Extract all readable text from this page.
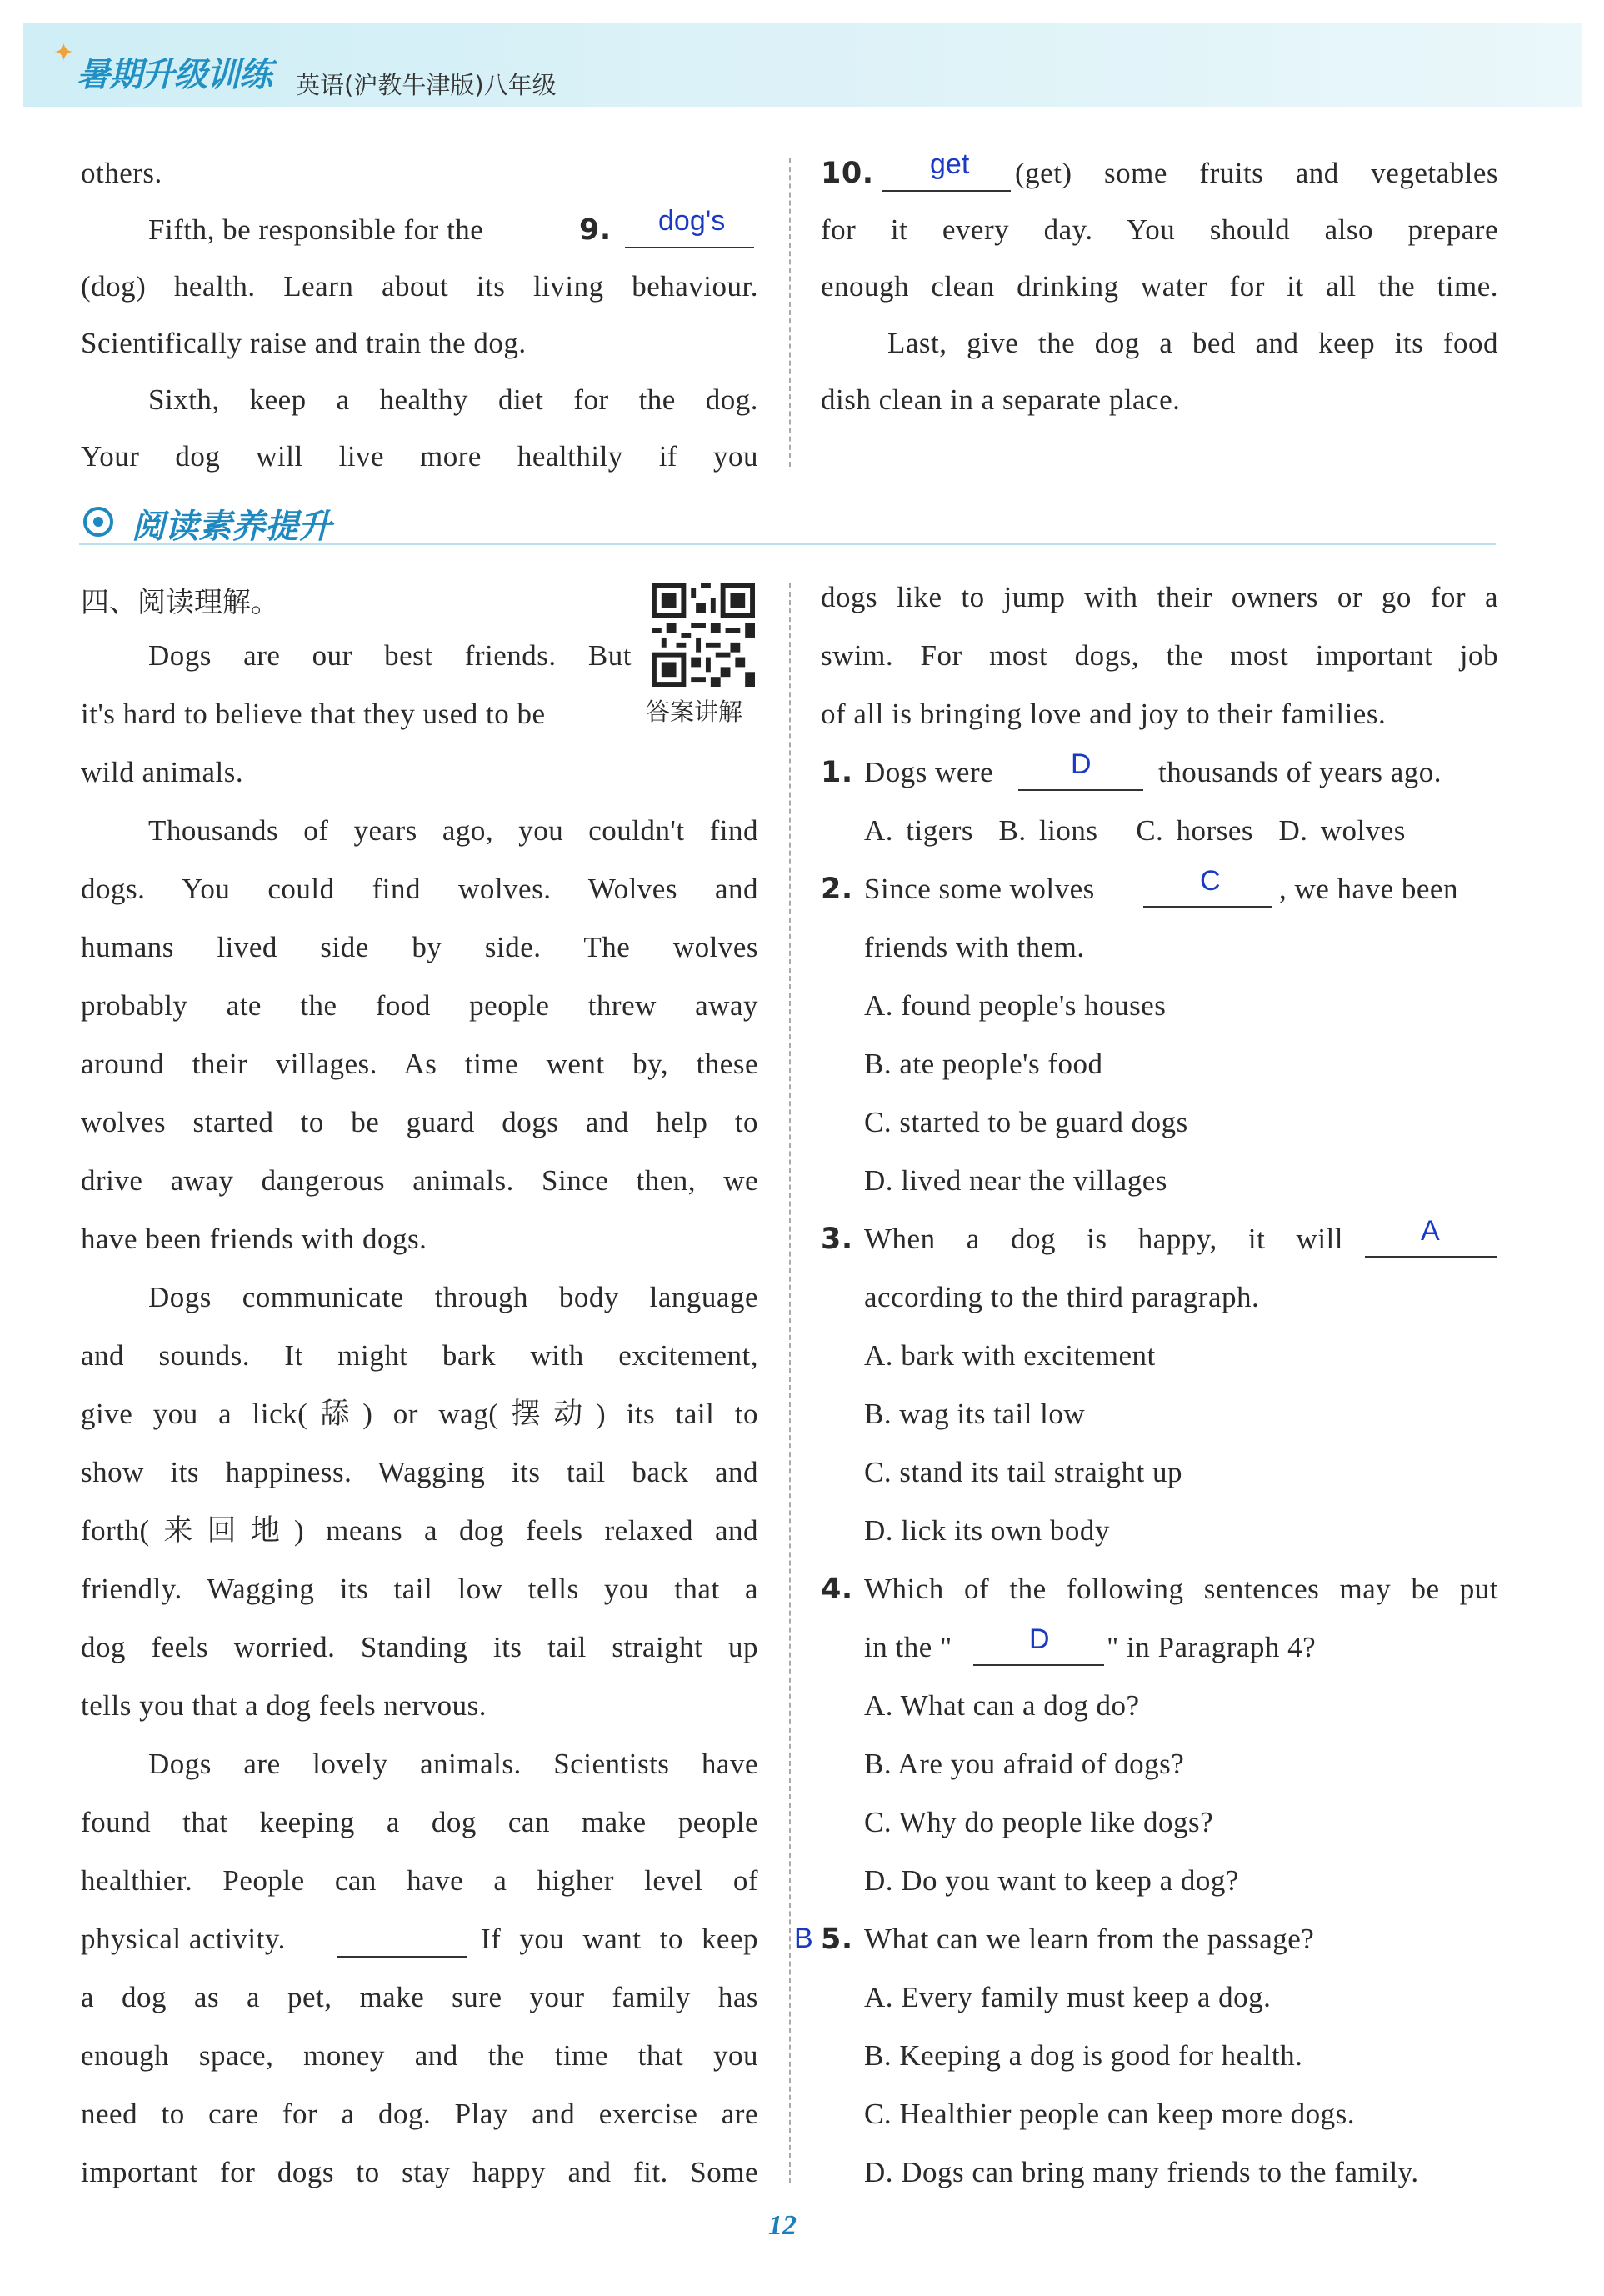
✦
暑期升级训练 英语(沪教牛津版)八年级
others.
Fifth, be responsible for the	9. dog's
(dog) health. Learn about its living behaviour.
Scientifically raise and train the dog.
Sixth, keep a healthy diet for the dog.
Your dog will live more healthily if you
10. get (get) some fruits and vegetables
for it every day. You should also prepare
enough clean drinking water for it all the time.
Last, give the dog a bed and keep its food
dish clean in a separate place.
阅读素养提升
四、阅读理解。
答案讲解
Dogs are our best friends. But
it's hard to believe that they used to be
wild animals.
Thousands of years ago, you couldn't find
dogs. You could find wolves. Wolves and
humans lived side by side. The wolves
probably ate the food people threw away
around their villages. As time went by, these
wolves started to be guard dogs and help to
drive away dangerous animals. Since then, we
have been friends with dogs.
Dogs communicate through body language
and sounds. It might bark with excitement,
give you a lick(舔) or wag(摆动) its tail to
show its happiness. Wagging its tail back and
forth(来回地) means a dog feels relaxed and
friendly. Wagging its tail low tells you that a
dog feels worried. Standing its tail straight up
tells you that a dog feels nervous.
Dogs are lovely animals. Scientists have
found that keeping a dog can make people
healthier. People can have a higher level of
physical activity.	If you want to keep
a dog as a pet, make sure your family has
enough space, money and the time that you
need to care for a dog. Play and exercise are
important for dogs to stay happy and fit. Some
dogs like to jump with their owners or go for a
swim. For most dogs, the most important job
of all is bringing love and joy to their families.
1. Dogs were	D thousands of years ago.
A. tigers  B. lions   C. horses  D. wolves
2. Since some wolves	C , we have been
friends with them.
A. found people's houses
B. ate people's food
C. started to be guard dogs
D. lived near the villages
3. When a dog is happy, it will	A
according to the third paragraph.
A. bark with excitement
B. wag its tail low
C. stand its tail straight up
D. lick its own body
4. Which of the following sentences may be put
in the "	D " in Paragraph 4?
A. What can a dog do?
B. Are you afraid of dogs?
C. Why do people like dogs?
D. Do you want to keep a dog?
B 5. What can we learn from the passage?
A. Every family must keep a dog.
B. Keeping a dog is good for health.
C. Healthier people can keep more dogs.
D. Dogs can bring many friends to the family.
12
